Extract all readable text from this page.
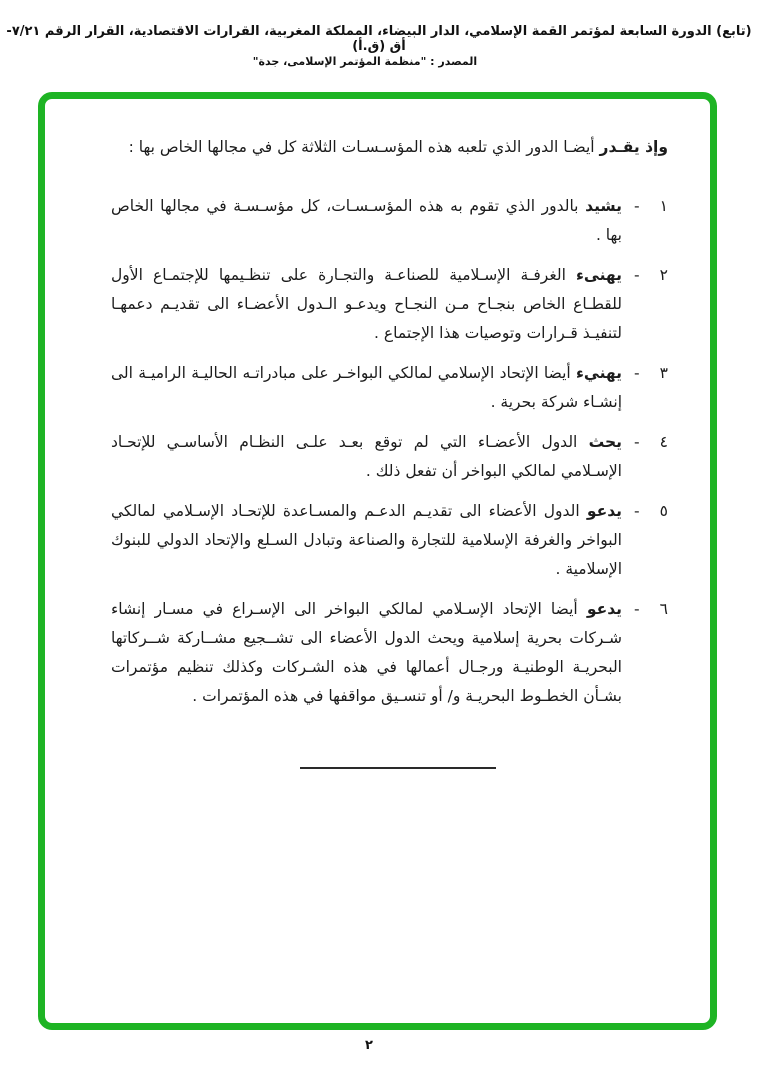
(تابع) الدورة السابعة لمؤتمر القمة الإسلامي، الدار البيضاء، المملكة المغربية، القرارات الاقتصادية، القرار الرقم ٧/٢١-أق (ق.أ)
المصدر : "منظمة المؤتمر الإسلامى، جدة"

وإذ يقـدر أيضـا الدور الذي تلعبه هذه المؤسـسـات الثلاثة كل في مجالها الخاص بها :

١
-
يشيد بالدور الذي تقوم به هذه المؤسـسـات، كل مؤسـسـة في مجالها الخاص بها .
٢
-
يهنىء الغرفـة الإسـلامية للصناعـة والتجـارة على تنظـيمها للإجتمـاع الأول للقطـاع الخاص بنجـاح مـن النجـاح ويدعـو الـدول الأعضـاء الى تقديـم دعمهـا لتنفيـذ قـرارات وتوصيات هذا الإجتماع .
٣
-
يهنيء أيضا الإتحاد الإسلامي لمالكي البواخـر على مبادراتـه الحاليـة الراميـة الى إنشـاء شركة بحرية .
٤
-
يحث الدول الأعضـاء التي لم توقع بعـد علـى النظـام الأساسـي للإتحـاد الإسـلامي لمالكي البواخر أن تفعل ذلك .
٥
-
يدعو الدول الأعضاء الى تقديـم الدعـم والمسـاعدة للإتحـاد الإسـلامي لمالكي البواخر والغرفة الإسلامية للتجارة والصناعة وتبادل السـلع والإتحاد الدولي للبنوك الإسلامية .
٦
-
يدعو أيضا الإتحاد الإسـلامي لمالكي البواخر الى الإسـراع في مسـار إنشاء شـركات بحرية إسلامية ويحث الدول الأعضاء الى تشــجيع مشــاركة شــركاتها البحريـة الوطنيـة ورجـال أعمالها في هذه الشـركات وكذلك تنظيم مؤتمرات بشـأن الخطـوط البحريـة و/ أو تنسـيق مواقفها في هذه المؤتمرات .
٢
